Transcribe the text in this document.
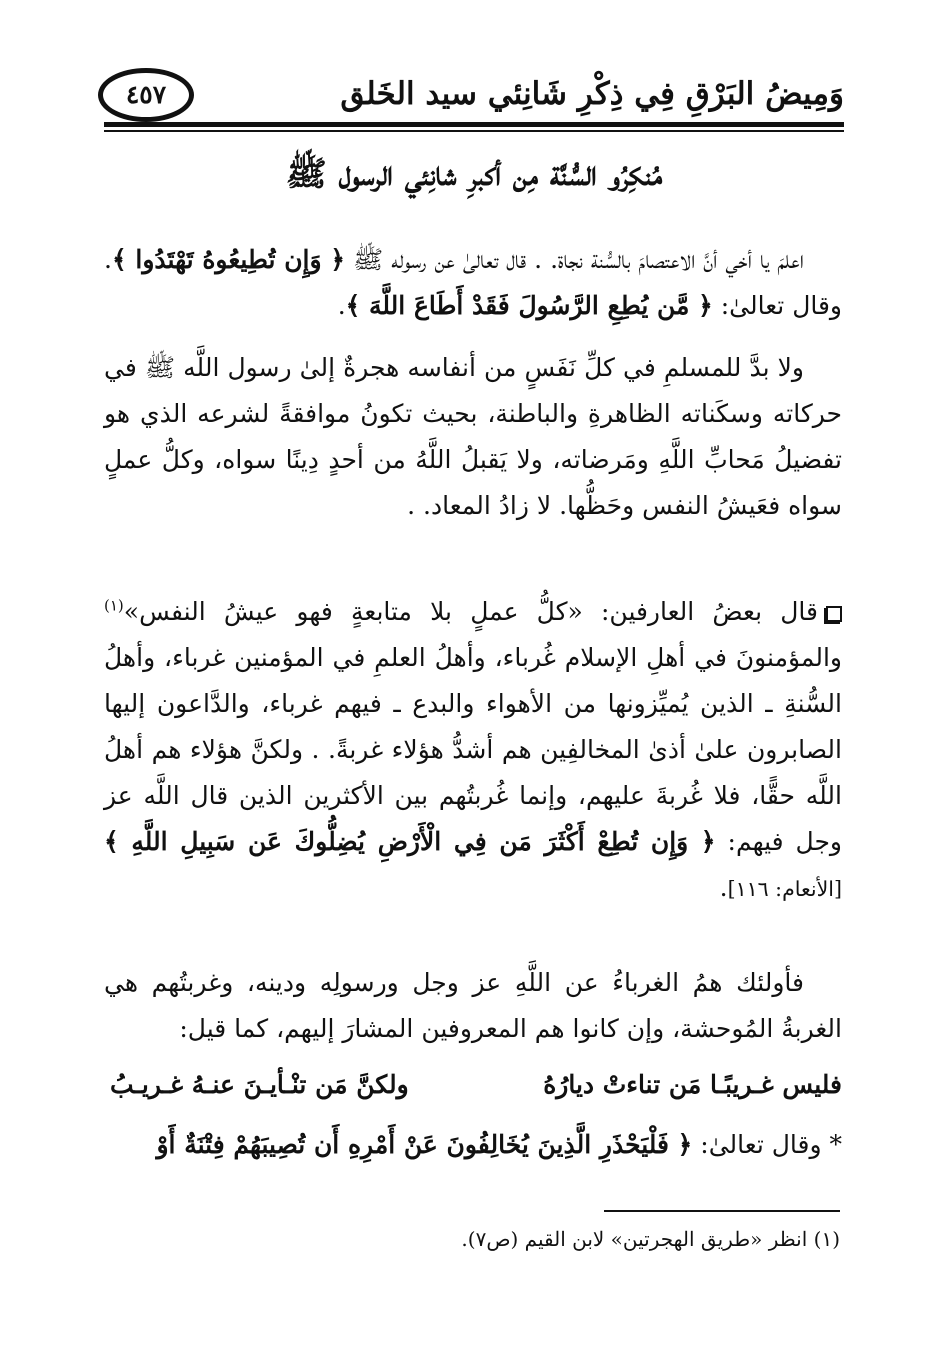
وَمِيضُ البَرْقِ فِي ذِكْرِ شَانِئي سيد الخَلق
٤٥٧
مُنكِرُو السُّنَّة مِن أكبرِ شانِئي الرسول ﷺ

اعلمَ يا أخي أنَّ الاعتصامَ بالسُّنة نجاة. . قال تعالىٰ عن رسوله ﷺ ﴿ وَإِن تُطِيعُوهُ تَهْتَدُوا ﴾. وقال تعالىٰ: ﴿ مَّن يُطِعِ الرَّسُولَ فَقَدْ أَطَاعَ اللَّهَ ﴾.

ولا بدَّ للمسلمِ في كلِّ نَفَسٍ من أنفاسه هجرةٌ إلىٰ رسول اللَّه ﷺ في حركاته وسكَناته الظاهرةِ والباطنة، بحيث تكونُ موافقةً لشرعه الذي هو تفضيلُ مَحابِّ اللَّهِ ومَرضاته، ولا يَقبلُ اللَّهُ من أحدٍ دِينًا سواه، وكلُّ عملٍ سواه فعَيشُ النفس وحَظُّها. لا زادُ المعاد. .

قال بعضُ العارفين: «كلُّ عملٍ بلا متابعةٍ فهو عيشُ النفس»$^{(١)}$ والمؤمنونَ في أهلِ الإسلام غُرباء، وأهلُ العلمِ في المؤمنين غرباء، وأهلُ السُّنةِ ـ الذين يُميِّزونها من الأهواء والبدع ـ فيهم غرباء، والدَّاعون إليها الصابرون علىٰ أذىٰ المخالفِين هم أشدُّ هؤلاء غربةً. . ولكنَّ هؤلاء هم أهلُ اللَّه حقًّا، فلا غُربةَ عليهم، وإنما غُربتُهم بين الأكثرين الذين قال اللَّه عز وجل فيهم: ﴿ وَإِن تُطِعْ أَكْثَرَ مَن فِي الْأَرْضِ يُضِلُّوكَ عَن سَبِيلِ اللَّهِ ﴾ [الأنعام: ١١٦].

فأولئك همُ الغرباءُ عن اللَّهِ عز وجل ورسولِه ودينه، وغربتُهم هي الغربةُ المُوحشة، وإن كانوا هم المعروفين المشارَ إليهم، كما قيل:

فليس غـريبًـا مَن تناءتْ ديارُهُ
ولكنَّ مَن تنْـأيـنَ عنـهُ غـريـبُ

* وقال تعالىٰ: ﴿ فَلْيَحْذَرِ الَّذِينَ يُخَالِفُونَ عَنْ أَمْرِهِ أَن تُصِيبَهُمْ فِتْنَةٌ أَوْ

(١) انظر «طريق الهجرتين» لابن القيم (ص٧).
